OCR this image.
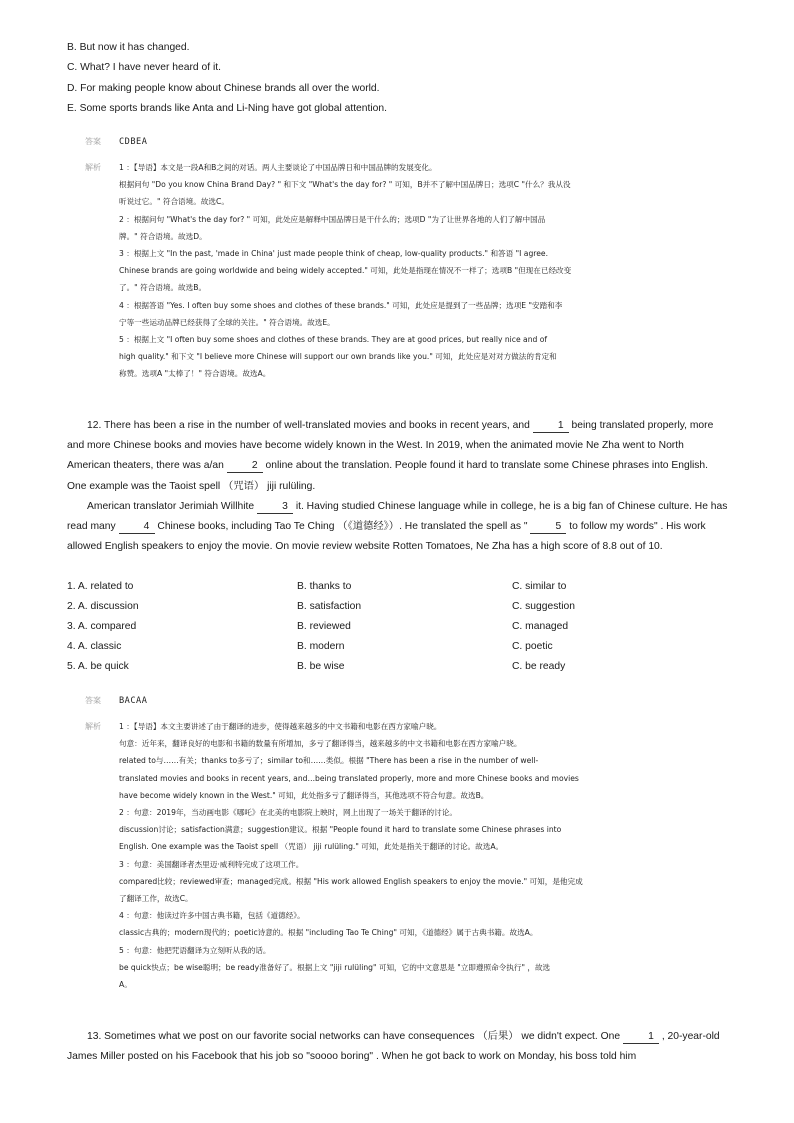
B. But now it has changed.
C. What? I have never heard of it.
D. For making people know about Chinese brands all over the world.
E. Some sports brands like Anta and Li-Ning have got global attention.
答案	CDBEA
解析	1 ：【导语】本文是一段A和B之间的对话。两人主要谈论了中国品牌日和中国品牌的发展变化。

根据问句 "Do you know China Brand Day? " 和下文 "What's the day for? " 可知，B并不了解中国品牌日；选项C "什么？我从没

听说过它。" 符合语境。故选C。

2 ：根据问句 "What's the day for? " 可知，此处应是解释中国品牌日是干什么的；选项D "为了让世界各地的人们了解中国品

牌。" 符合语境。故选D。

3 ：根据上文 "In the past, 'made in China' just made people think of cheap, low-quality products." 和答语 "I agree.

Chinese brands are going worldwide and being widely accepted." 可知，此处是指现在情况不一样了；选项B "但现在已经改变

了。" 符合语境。故选B。

4 ：根据答语 "Yes. I often buy some shoes and clothes of these brands." 可知，此处应是提到了一些品牌；选项E "安踏和李

宁等一些运动品牌已经获得了全球的关注。" 符合语境。故选E。

5 ：根据上文 "I often buy some shoes and clothes of these brands. They are at good prices, but really nice and of

high quality." 和下文 "I believe more Chinese will support our own brands like you." 可知，此处应是对对方做法的肯定和

称赞。选项A "太棒了！" 符合语境。故选A。

12. There has been a rise in the number of well-translated movies and books in recent years, and 1 being translated properly, more and more Chinese books and movies have become widely known in the West. In 2019, when the animated movie Ne Zha went to North American theaters, there was a/an 2 online about the translation. People found it hard to translate some Chinese phrases into English. One example was the Taoist spell （咒语） jiji rulüling.

American translator Jerimiah Willhite 3 it. Having studied Chinese language while in college, he is a big fan of Chinese culture. He has read many 4 Chinese books, including Tao Te Ching （《道德经》）. He translated the spell as " 5 to follow my words" . His work allowed English speakers to enjoy the movie. On movie review website Rotten Tomatoes, Ne Zha has a high score of 8.8 out of 10.

1. A. related to	B. thanks to	C. similar to
2. A. discussion	B. satisfaction	C. suggestion
3. A. compared	B. reviewed	C. managed
4. A. classic	B. modern	C. poetic
5. A. be quick	B. be wise	C. be ready
答案	BACAA
解析	1 ：【导语】本文主要讲述了由于翻译的进步，使得越来越多的中文书籍和电影在西方家喻户晓。

句意：近年来，翻译良好的电影和书籍的数量有所增加，多亏了翻译得当，越来越多的中文书籍和电影在西方家喻户晓。

related to与……有关；thanks to多亏了；similar to和……类似。根据 "There has been a rise in the number of well-

translated movies and books in recent years, and…being translated properly, more and more Chinese books and movies

have become widely known in the West." 可知，此处指多亏了翻译得当，其他选项不符合句意。故选B。

2 ：句意：2019年，当动画电影《哪吒》在北美的电影院上映时，网上出现了一场关于翻译的讨论。

discussion讨论；satisfaction满意；suggestion建议。根据 "People found it hard to translate some Chinese phrases into

English. One example was the Taoist spell （咒语） jiji rulüling." 可知，此处是指关于翻译的讨论。故选A。

3 ：句意：美国翻译者杰里迈·威利特完成了这项工作。

compared比较；reviewed审查；managed完成。根据 "His work allowed English speakers to enjoy the movie." 可知，是他完成

了翻译工作，故选C。

4 ：句意：他读过许多中国古典书籍，包括《道德经》。

classic古典的；modern现代的；poetic诗意的。根据 "including Tao Te Ching" 可知，《道德经》属于古典书籍。故选A。

5 ：句意：他把咒语翻译为立刻听从我的话。

be quick快点；be wise聪明；be ready准备好了。根据上文 "jiji rulüling" 可知，它的中文意思是 "立即遵照命令执行" ，故选

A。

13. Sometimes what we post on our favorite social networks can have consequences （后果） we didn't expect. One 1 , 20-year-old James Miller posted on his Facebook that his job so "soooo boring" . When he got back to work on Monday, his boss told him
